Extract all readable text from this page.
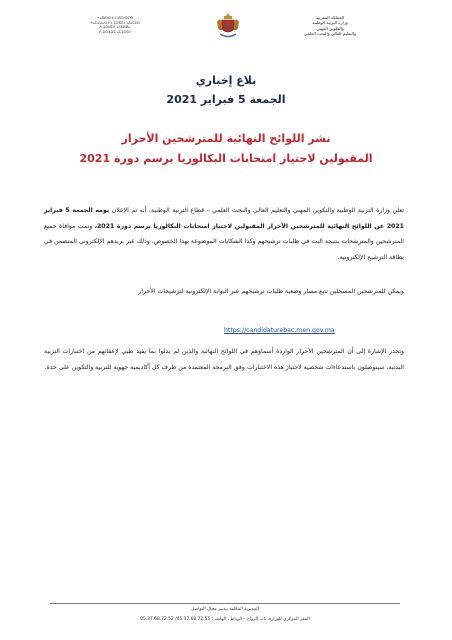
ⵜⴰⴳⵍⴷⵉⵜ ⵏ ⵍⵎⵖⵔⵉⴱ
ⵜⴰⵎⴰⵡⴰⵙⵜ ⵏ ⵓⵙⴳⵎⵉ ⴰⵏⴰⵎⵓⵔ
ⴷ ⵓⵙⵍⵎⴷ ⴰⵏⴼⵍⵍⴰ
ⴷ ⵓⵔⵣⵣⵓ ⴰⵎⵓⵙⵙⵏ
المملكة المغربية
وزارة التربية الوطنية
والتكوين المهني
والتعليم العالي والبحث العلمي
بلاغ إخباري
الجمعة 5 فبراير 2021
نشر اللوائح النهائية للمترشحين الأحرار
المقبولين لاجتياز امتحانات البكالوريا برسم دورة 2021
تعلن وزارة التربية الوطنية والتكوين المهني والتعليم العالي والبحث العلمي – قطاع التربية الوطنية، أنه تم الإعلان يومه الجمعة 5 فبراير 2021 عن اللوائح النهائية للمترشحين الأحرار المقبولين لاجتياز امتحانات البكالوريا برسم دورة 2021، وتمت موافاة جميع المترشحين والمترشحات بنتيجة البت في طلبات ترشيحهم وكذا الشكايات الموضوعة بهذا الخصوص، وذلك عبر بريدهم الإلكتروني المتضمن في بطاقة الترشيح الإلكترونية.
ويمكن للمترشحين المسجلين تتبع مسار وضعية طلبات ترشيحهم عبر البوابة الإلكترونية لترشيحات الأحرار
https://candidaturebac.men.gov.ma
وتجدر الإشارة إلى أن المترشحين الأحرار الواردة أسماؤهم في اللوائح النهائية والذين لم يدلوا بما يفيد طبي لإعفائهم من اختبارات التربية البدنية، سيتوصلون باستدعاءات شخصية لاجتياز هذه الاختبارات وفق البرمجة المعتمدة من طرف كل أكاديمية جهوية للتربية والتكوين على حدة.
المديرية المكلفة بتدبير مجال التواصل
المقر المركزي للوزارة، باب الرواح – الرباط ، الهاتف : 05.37.68.72.55/ 05.37.68.72.52
